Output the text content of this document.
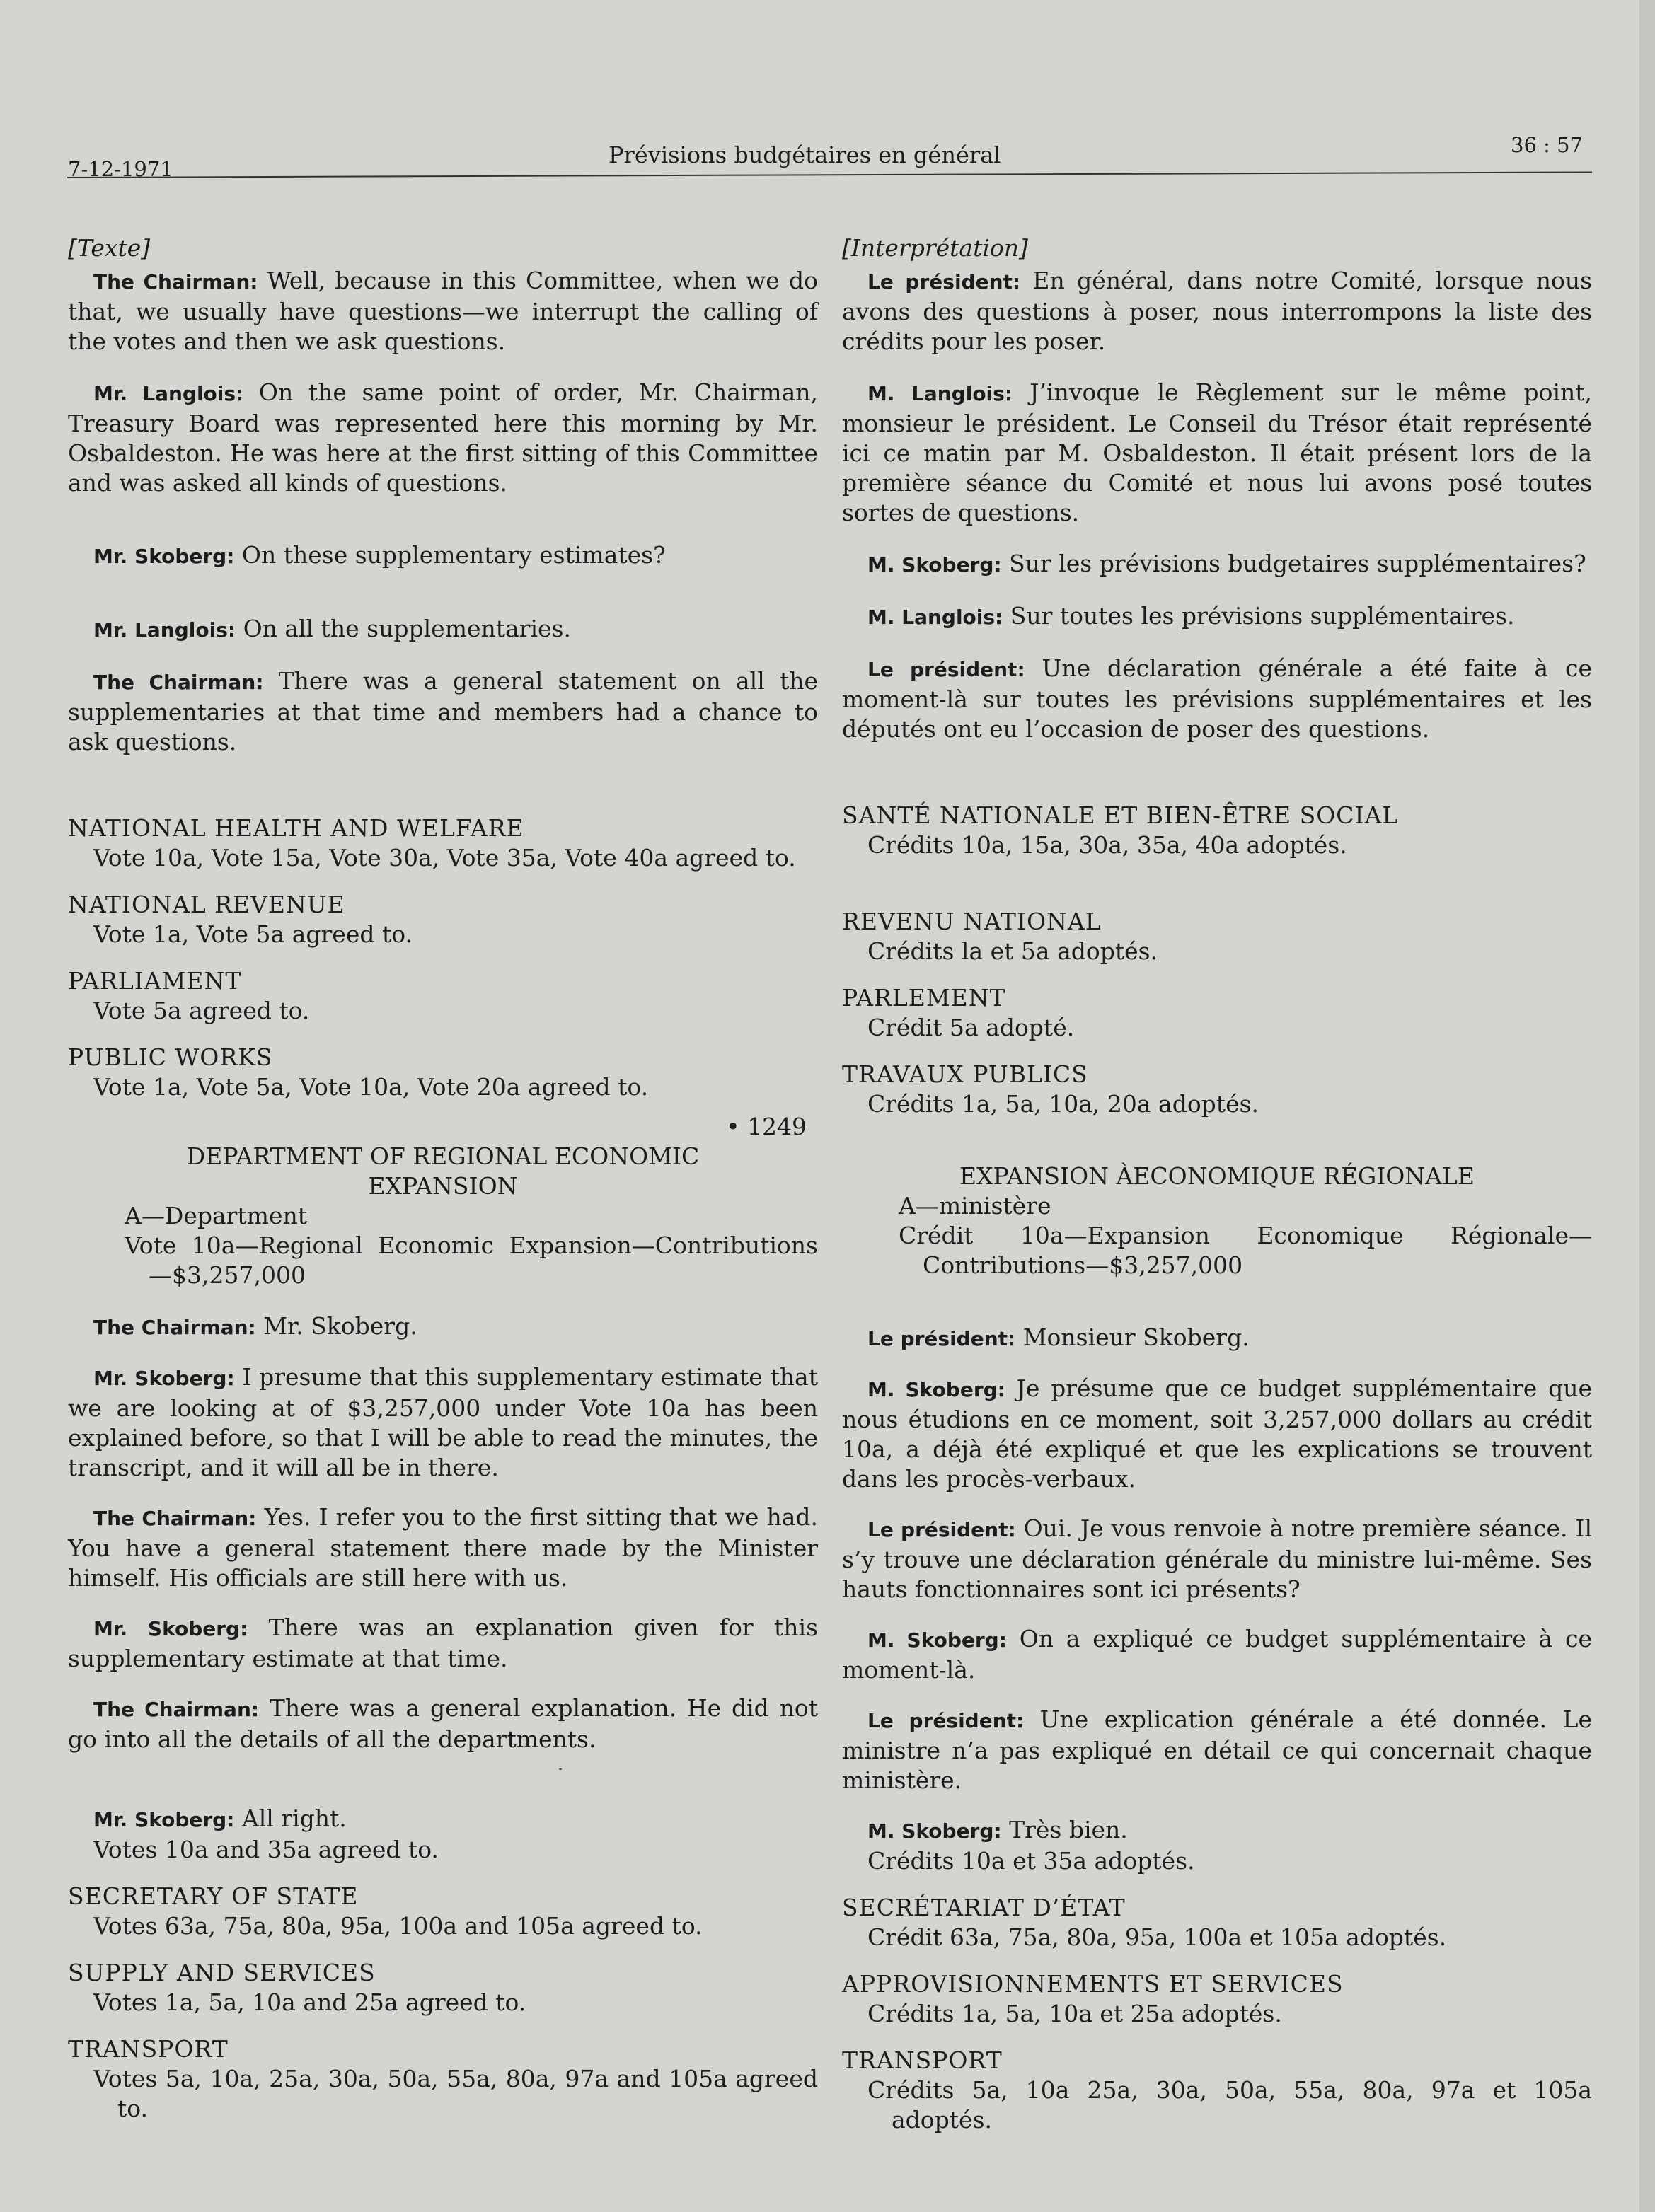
7-12-1971
Prévisions budgétaires en général	36 : 57

[Texte]

The Chairman: Well, because in this Committee, when we do that, we usually have questions—we interrupt the calling of the votes and then we ask questions.

Mr. Langlois: On the same point of order, Mr. Chairman, Treasury Board was represented here this morning by Mr. Osbaldeston. He was here at the first sitting of this Committee and was asked all kinds of questions.

Mr. Skoberg: On these supplementary estimates?

Mr. Langlois: On all the supplementaries.

The Chairman: There was a general statement on all the supplementaries at that time and members had a chance to ask questions.

NATIONAL HEALTH AND WELFARE

Vote 10a, Vote 15a, Vote 30a, Vote 35a, Vote 40a agreed to.

NATIONAL REVENUE

Vote 1a, Vote 5a agreed to.

PARLIAMENT

Vote 5a agreed to.

PUBLIC WORKS

Vote 1a, Vote 5a, Vote 10a, Vote 20a agreed to.

• 1249

DEPARTMENT OF REGIONAL ECONOMIC

EXPANSION

A—Department

Vote 10a—Regional Economic Expansion—Contributions—$3,257,000

The Chairman: Mr. Skoberg.

Mr. Skoberg: I presume that this supplementary estimate that we are looking at of $3,257,000 under Vote 10a has been explained before, so that I will be able to read the minutes, the transcript, and it will all be in there.

The Chairman: Yes. I refer you to the first sitting that we had. You have a general statement there made by the Minister himself. His officials are still here with us.

Mr. Skoberg: There was an explanation given for this supplementary estimate at that time.

The Chairman: There was a general explanation. He did not go into all the details of all the departments.

Mr. Skoberg: All right.

Votes 10a and 35a agreed to.

SECRETARY OF STATE

Votes 63a, 75a, 80a, 95a, 100a and 105a agreed to.

SUPPLY AND SERVICES

Votes 1a, 5a, 10a and 25a agreed to.

TRANSPORT

Votes 5a, 10a, 25a, 30a, 50a, 55a, 80a, 97a and 105a agreed to.

[Interprétation]

Le président: En général, dans notre Comité, lorsque nous avons des questions à poser, nous interrompons la liste des crédits pour les poser.

M. Langlois: J’invoque le Règlement sur le même point, monsieur le président. Le Conseil du Trésor était représenté ici ce matin par M. Osbaldeston. Il était présent lors de la première séance du Comité et nous lui avons posé toutes sortes de questions.

M. Skoberg: Sur les prévisions budgetaires supplémentaires?

M. Langlois: Sur toutes les prévisions supplémentaires.

Le président: Une déclaration générale a été faite à ce moment-là sur toutes les prévisions supplémentaires et les députés ont eu l’occasion de poser des questions.

SANTÉ NATIONALE ET BIEN-ÊTRE SOCIAL

Crédits 10a, 15a, 30a, 35a, 40a adoptés.

REVENU NATIONAL

Crédits la et 5a adoptés.

PARLEMENT

Crédit 5a adopté.

TRAVAUX PUBLICS

Crédits 1a, 5a, 10a, 20a adoptés.

EXPANSION ÀECONOMIQUE RÉGIONALE

A—ministère

Crédit 10a—Expansion Economique Régionale—Contributions—$3,257,000

Le président: Monsieur Skoberg.

M. Skoberg: Je présume que ce budget supplémentaire que nous étudions en ce moment, soit 3,257,000 dollars au crédit 10a, a déjà été expliqué et que les explications se trouvent dans les procès-verbaux.

Le président: Oui. Je vous renvoie à notre première séance. Il s’y trouve une déclaration générale du ministre lui-même. Ses hauts fonctionnaires sont ici présents?

M. Skoberg: On a expliqué ce budget supplémentaire à ce moment-là.

Le président: Une explication générale a été donnée. Le ministre n’a pas expliqué en détail ce qui concernait chaque ministère.

M. Skoberg: Très bien.

Crédits 10a et 35a adoptés.

SECRÉTARIAT D’ÉTAT

Crédit 63a, 75a, 80a, 95a, 100a et 105a adoptés.

APPROVISIONNEMENTS ET SERVICES

Crédits 1a, 5a, 10a et 25a adoptés.

TRANSPORT

Crédits 5a, 10a 25a, 30a, 50a, 55a, 80a, 97a et 105a adoptés.
